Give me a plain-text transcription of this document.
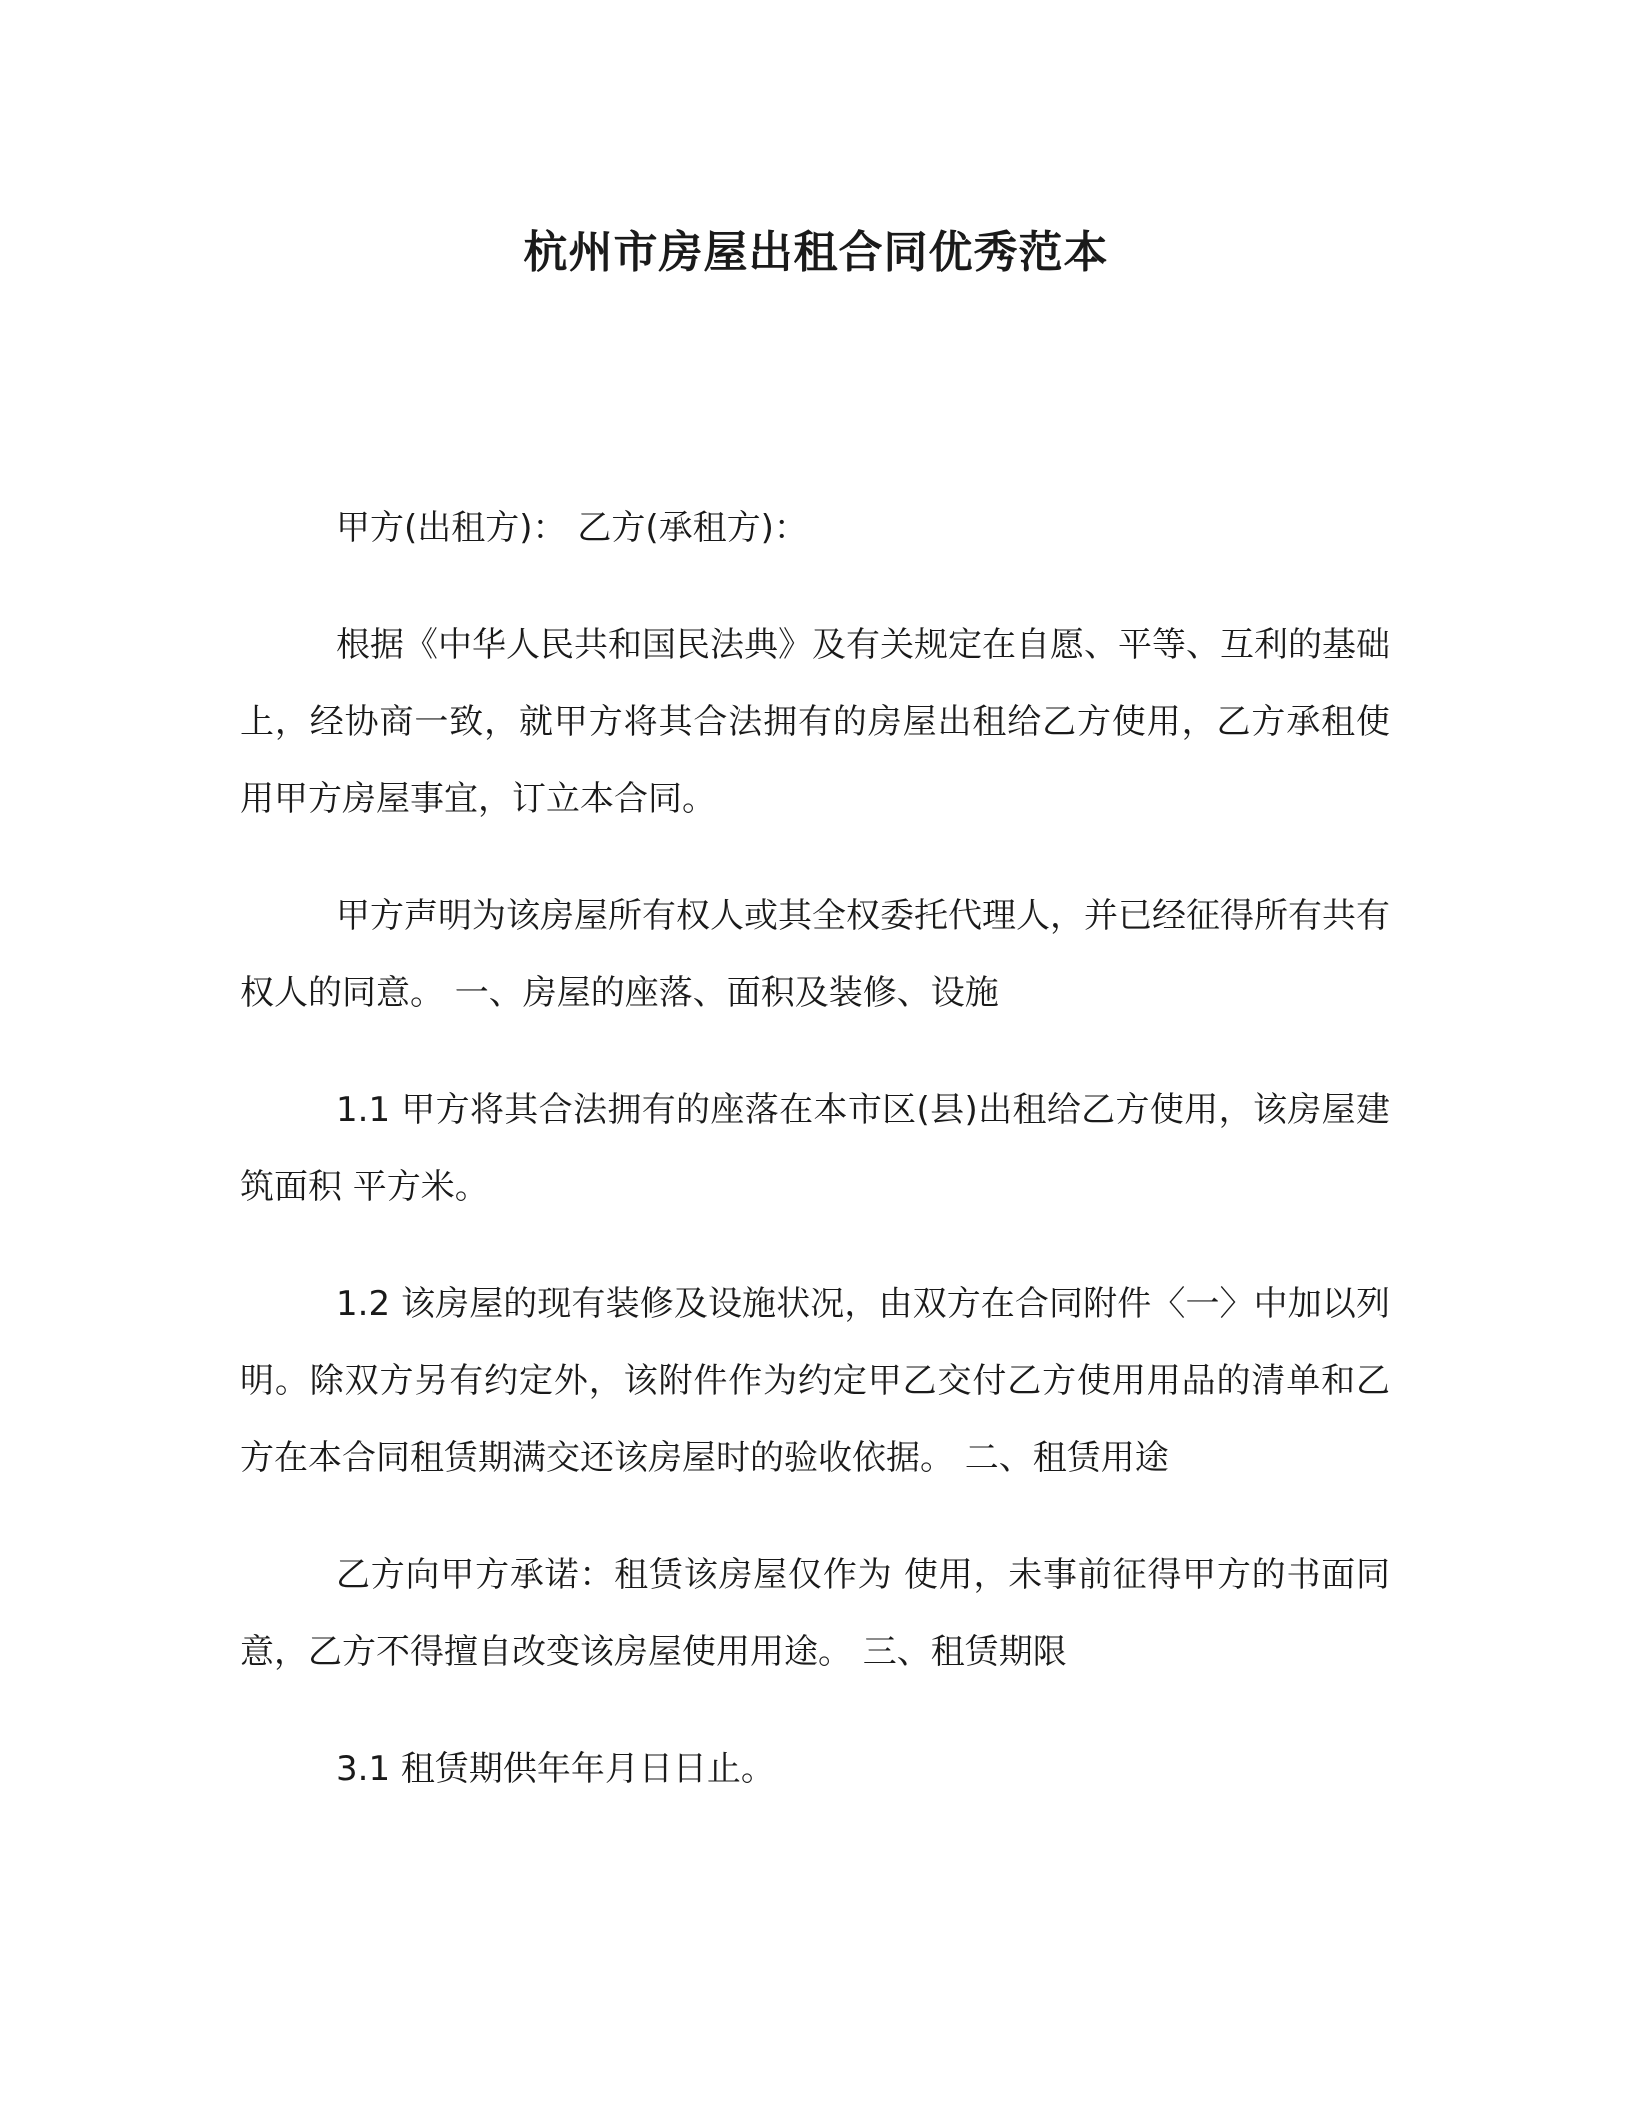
杭州市房屋出租合同优秀范本

甲方(出租方)： 乙方(承租方)：

根据《中华人民共和国民法典》及有关规定在自愿、平等、互利的基础上，经协商一致，就甲方将其合法拥有的房屋出租给乙方使用，乙方承租使用甲方房屋事宜，订立本合同。

甲方声明为该房屋所有权人或其全权委托代理人，并已经征得所有共有权人的同意。 一、房屋的座落、面积及装修、设施

1.1 甲方将其合法拥有的座落在本市区(县)出租给乙方使用，该房屋建筑面积 平方米。

1.2 该房屋的现有装修及设施状况，由双方在合同附件〈一〉中加以列明。除双方另有约定外，该附件作为约定甲乙交付乙方使用用品的清单和乙方在本合同租赁期满交还该房屋时的验收依据。 二、租赁用途

乙方向甲方承诺：租赁该房屋仅作为 使用，未事前征得甲方的书面同意，乙方不得擅自改变该房屋使用用途。 三、租赁期限

3.1 租赁期供年年月日日止。
